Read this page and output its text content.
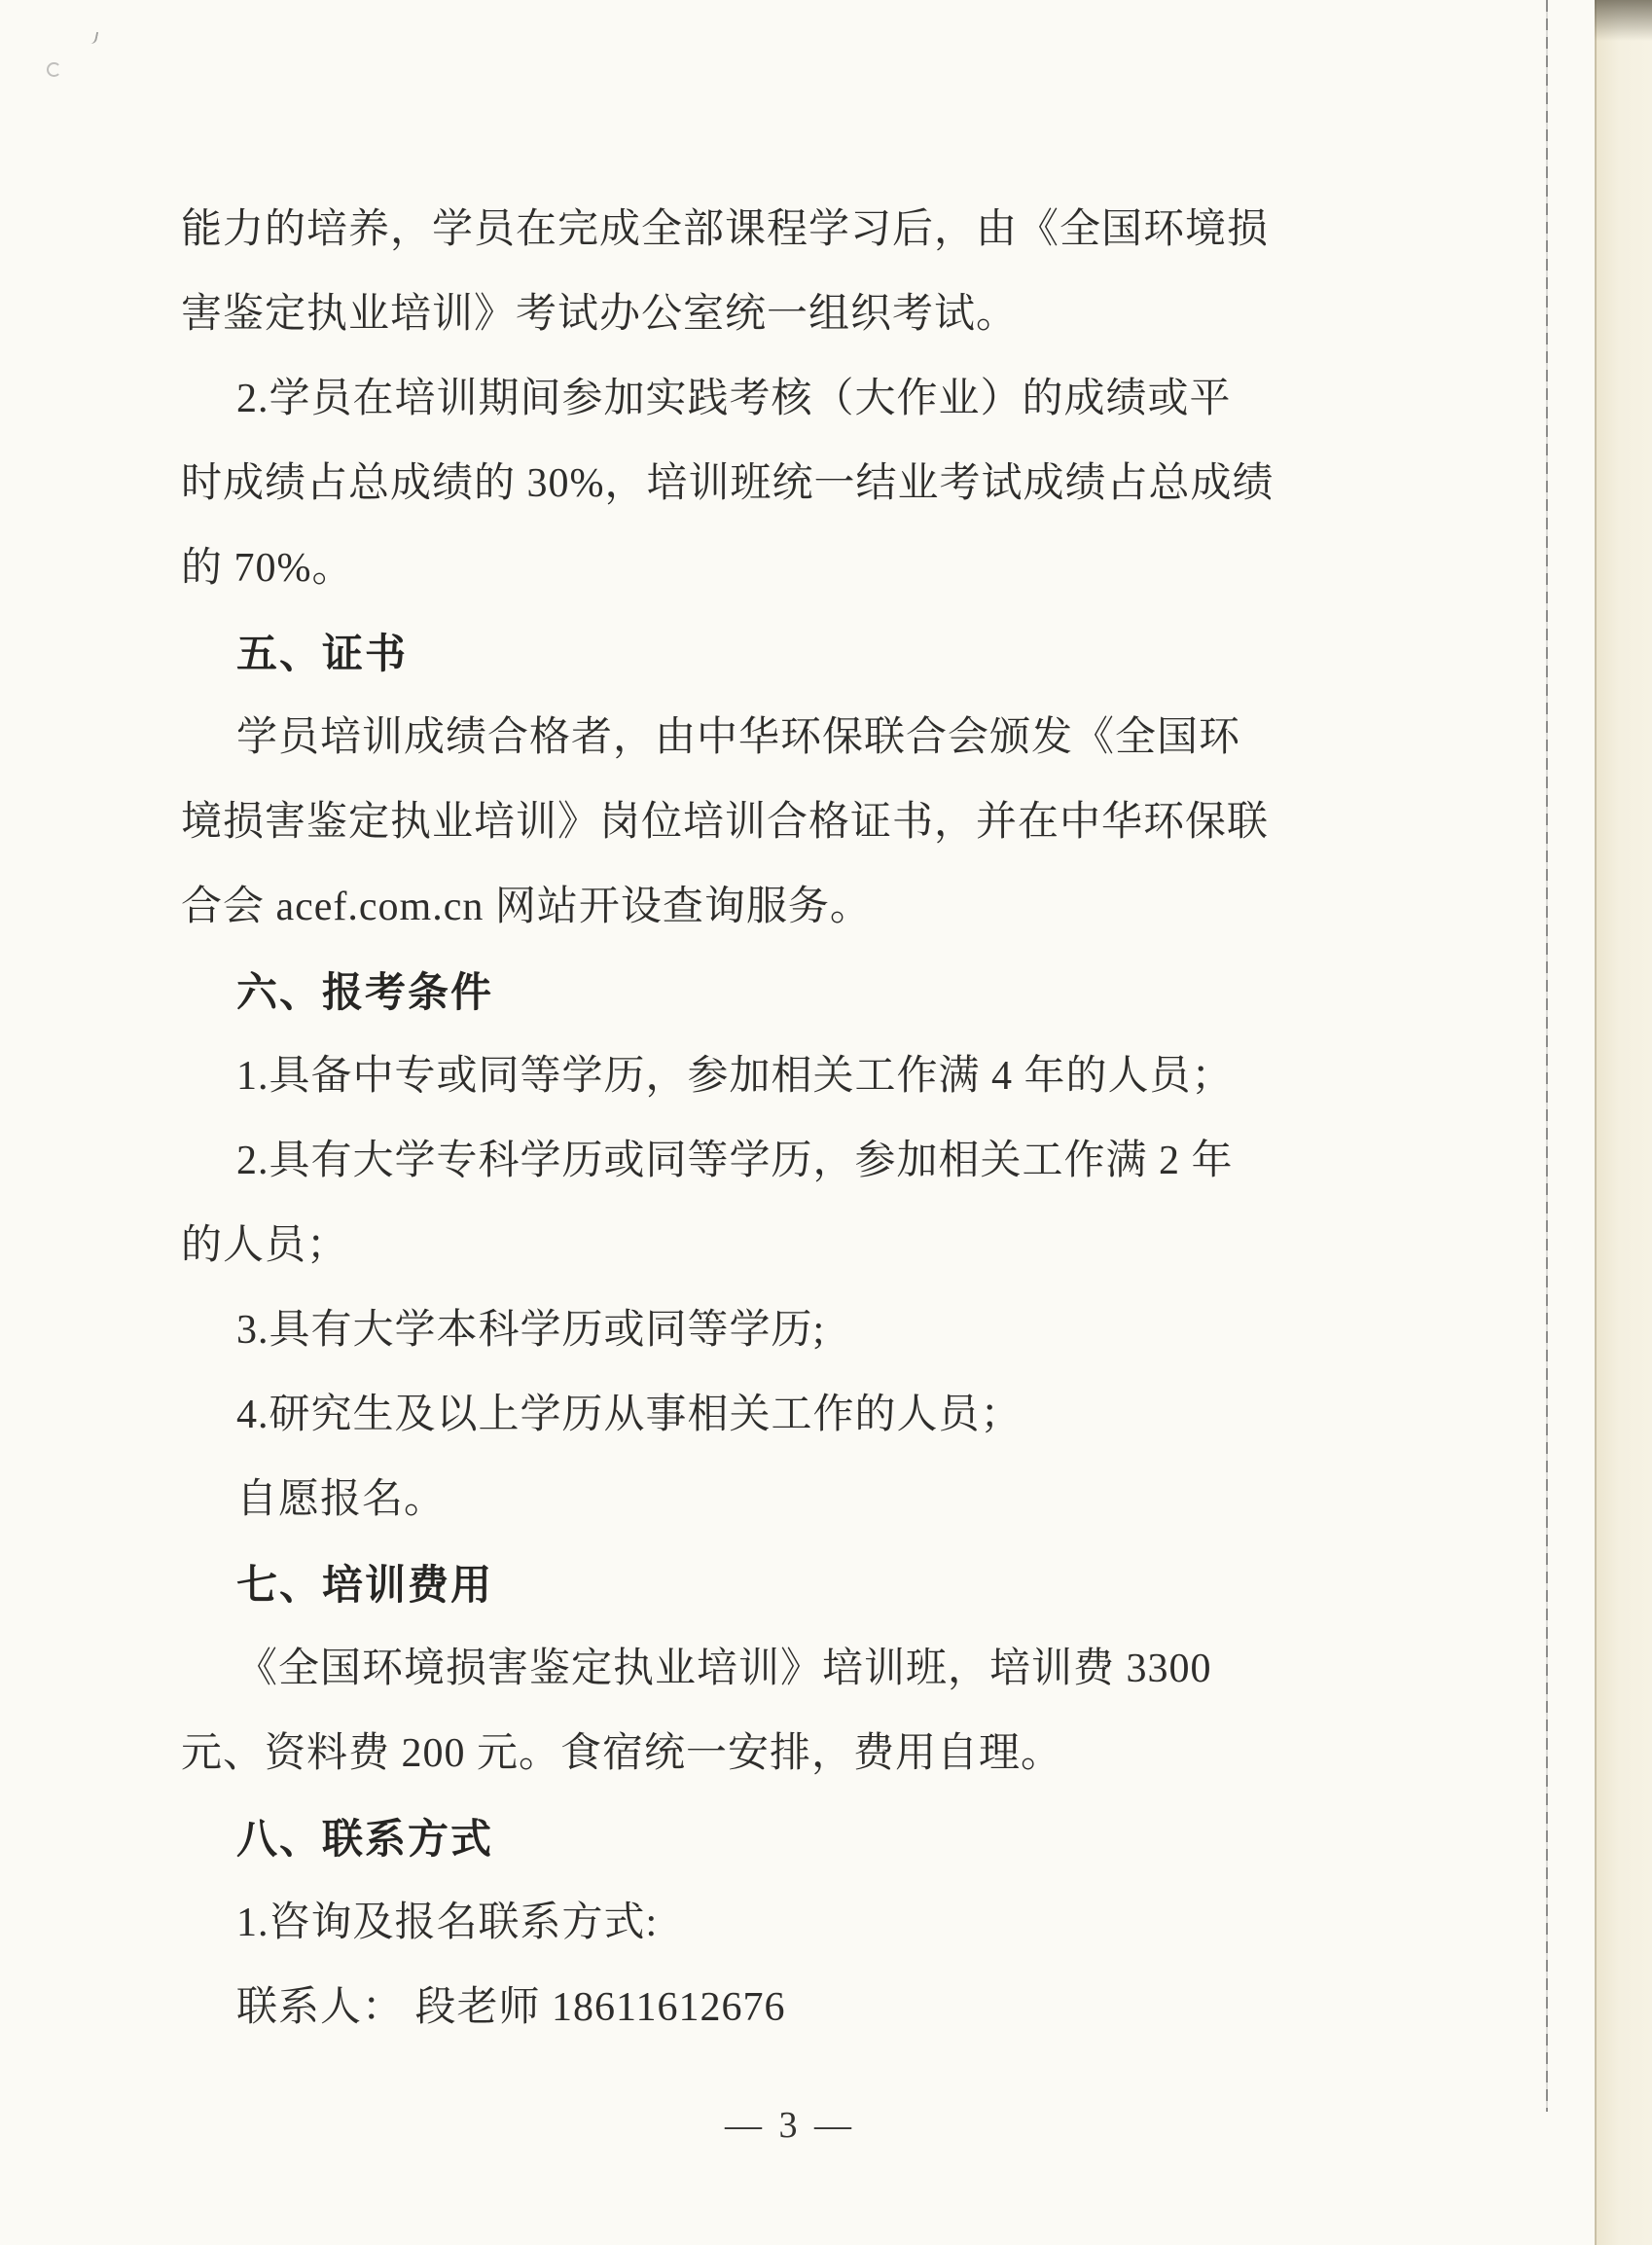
能力的培养，学员在完成全部课程学习后，由《全国环境损
害鉴定执业培训》考试办公室统一组织考试。
2.学员在培训期间参加实践考核（大作业）的成绩或平
时成绩占总成绩的 30%，培训班统一结业考试成绩占总成绩
的 70%。
五、证书
学员培训成绩合格者，由中华环保联合会颁发《全国环
境损害鉴定执业培训》岗位培训合格证书，并在中华环保联
合会 acef.com.cn 网站开设查询服务。
六、报考条件
1.具备中专或同等学历，参加相关工作满 4 年的人员；
2.具有大学专科学历或同等学历，参加相关工作满 2 年
的人员；
3.具有大学本科学历或同等学历;
4.研究生及以上学历从事相关工作的人员；
自愿报名。
七、培训费用
《全国环境损害鉴定执业培训》培训班，培训费 3300
元、资料费 200 元。食宿统一安排，费用自理。
八、联系方式
1.咨询及报名联系方式:
联系人： 段老师 18611612676
— 3 —
